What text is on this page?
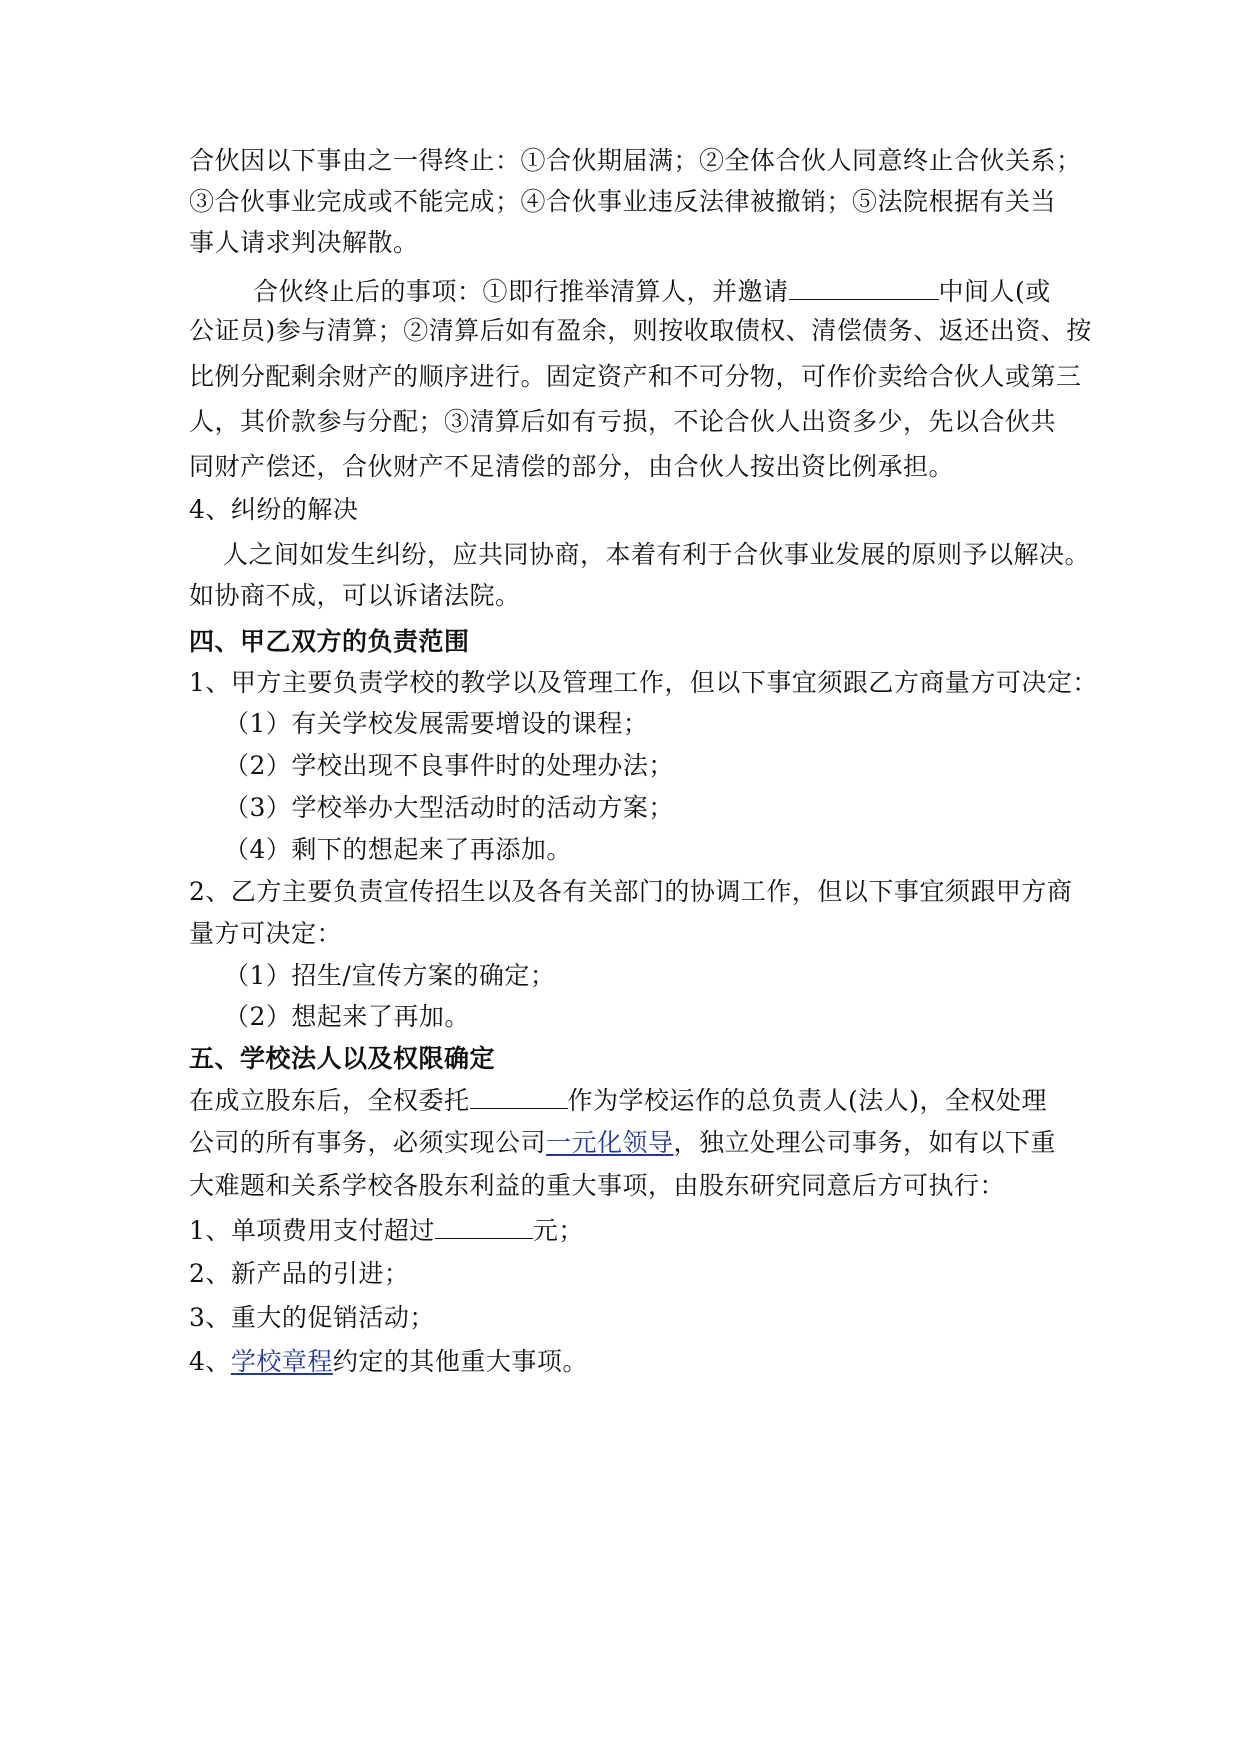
合伙因以下事由之一得终止：①合伙期届满；②全体合伙人同意终止合伙关系；
③合伙事业完成或不能完成；④合伙事业违反法律被撤销；⑤法院根据有关当
事人请求判决解散。
合伙终止后的事项：①即行推举清算人，并邀请	中间人(或
公证员)参与清算；②清算后如有盈余，则按收取债权、清偿债务、返还出资、按
比例分配剩余财产的顺序进行。固定资产和不可分物，可作价卖给合伙人或第三
人，其价款参与分配；③清算后如有亏损，不论合伙人出资多少，先以合伙共
同财产偿还，合伙财产不足清偿的部分，由合伙人按出资比例承担。
4、纠纷的解决
人之间如发生纠纷，应共同协商，本着有利于合伙事业发展的原则予以解决。
如协商不成，可以诉诸法院。
四、甲乙双方的负责范围
1、甲方主要负责学校的教学以及管理工作，但以下事宜须跟乙方商量方可决定：
（1）有关学校发展需要增设的课程；
（2）学校出现不良事件时的处理办法；
（3）学校举办大型活动时的活动方案；
（4）剩下的想起来了再添加。
2、乙方主要负责宣传招生以及各有关部门的协调工作，但以下事宜须跟甲方商
量方可决定：
（1）招生/宣传方案的确定；
（2）想起来了再加。
五、学校法人以及权限确定
在成立股东后，全权委托	作为学校运作的总负责人(法人)，全权处理
公司的所有事务，必须实现公司一元化领导，独立处理公司事务，如有以下重
大难题和关系学校各股东利益的重大事项，由股东研究同意后方可执行：
1、单项费用支付超过	元；
2、新产品的引进；
3、重大的促销活动；
4、学校章程约定的其他重大事项。
